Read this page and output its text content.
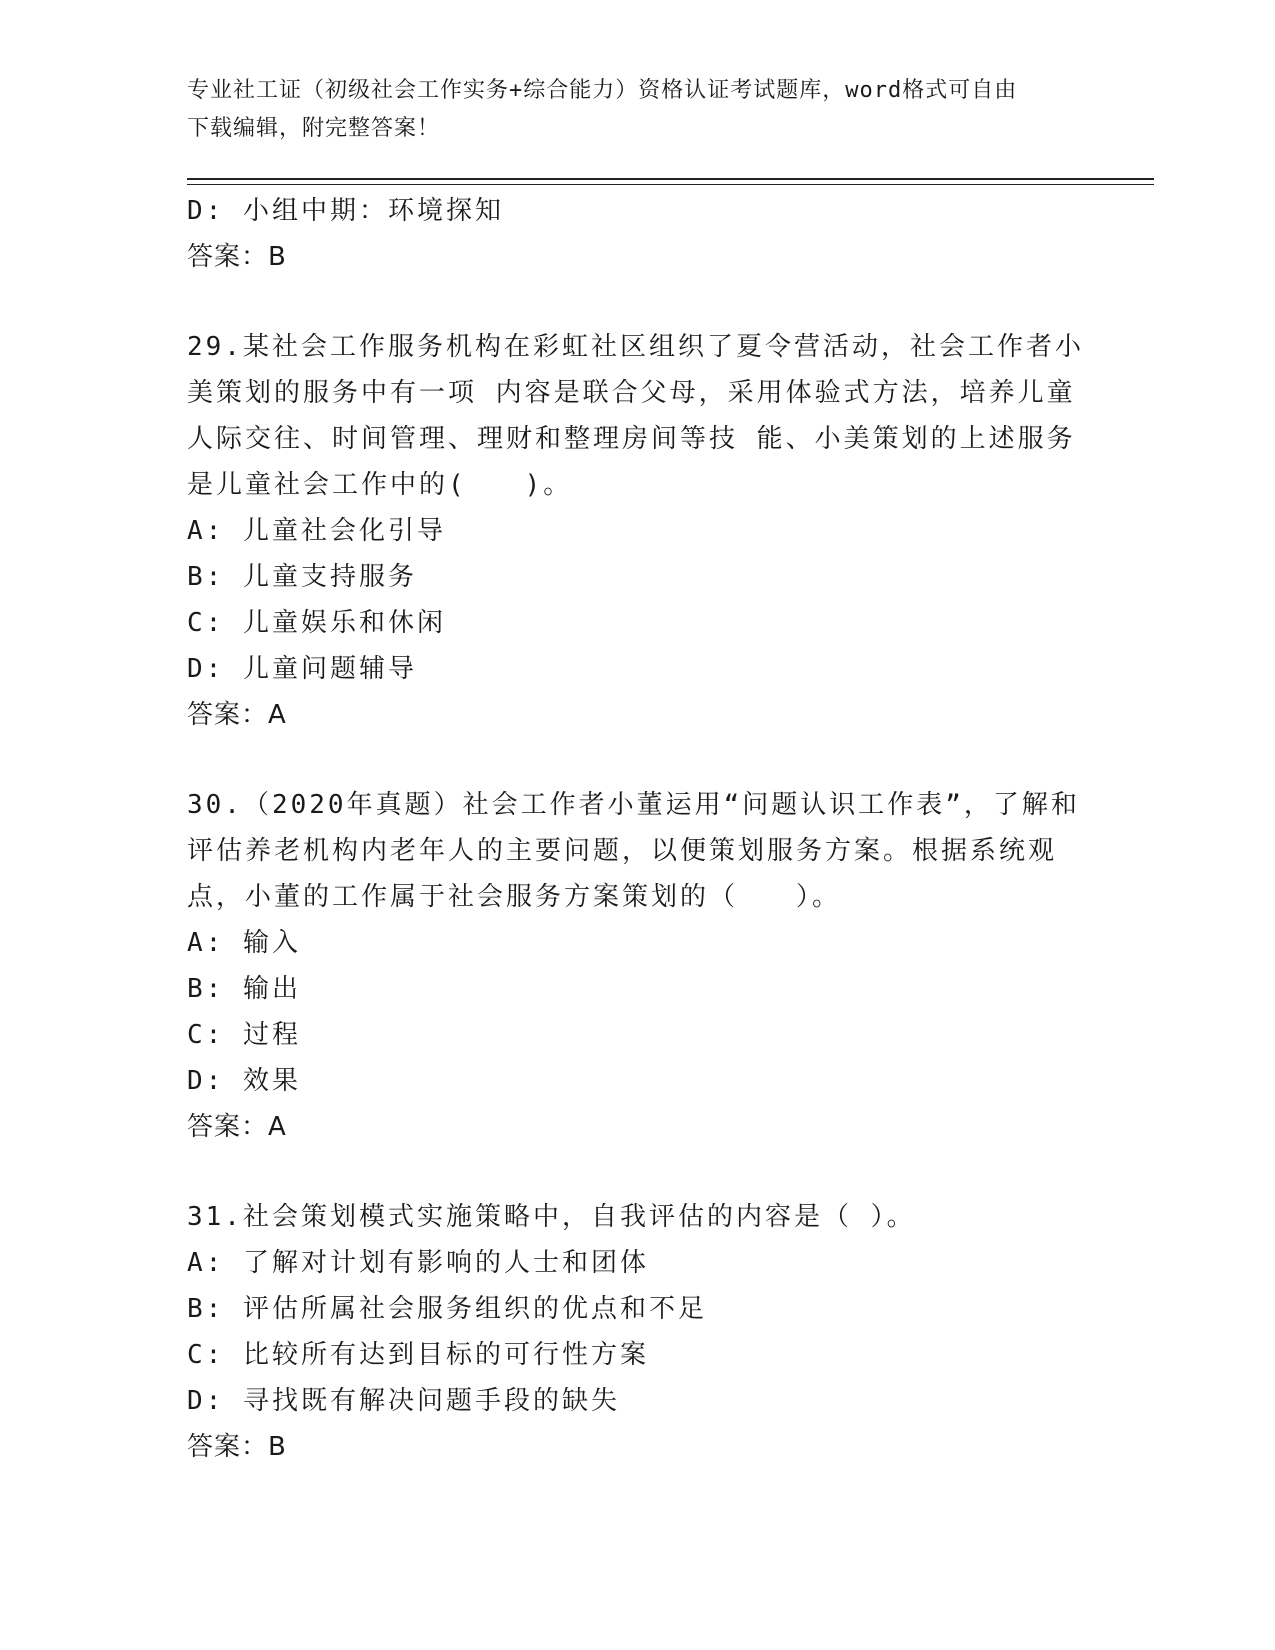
专业社工证（初级社会工作实务+综合能力）资格认证考试题库，word格式可自由
下载编辑，附完整答案！
D: 小组中期：环境探知
答案：B
29.某社会工作服务机构在彩虹社区组织了夏令营活动，社会工作者小
美策划的服务中有一项 内容是联合父母，采用体验式方法，培养儿童
人际交往、时间管理、理财和整理房间等技 能、小美策划的上述服务
是儿童社会工作中的(　　)。
A: 儿童社会化引导
B: 儿童支持服务
C: 儿童娱乐和休闲
D: 儿童问题辅导
答案：A
30.（2020年真题）社会工作者小董运用“问题认识工作表”，了解和
评估养老机构内老年人的主要问题，以便策划服务方案。根据系统观
点，小董的工作属于社会服务方案策划的（　　）。
A: 输入
B: 输出
C: 过程
D: 效果
答案：A
31.社会策划模式实施策略中，自我评估的内容是（ ）。
A: 了解对计划有影响的人士和团体
B: 评估所属社会服务组织的优点和不足
C: 比较所有达到目标的可行性方案
D: 寻找既有解决问题手段的缺失
答案：B
